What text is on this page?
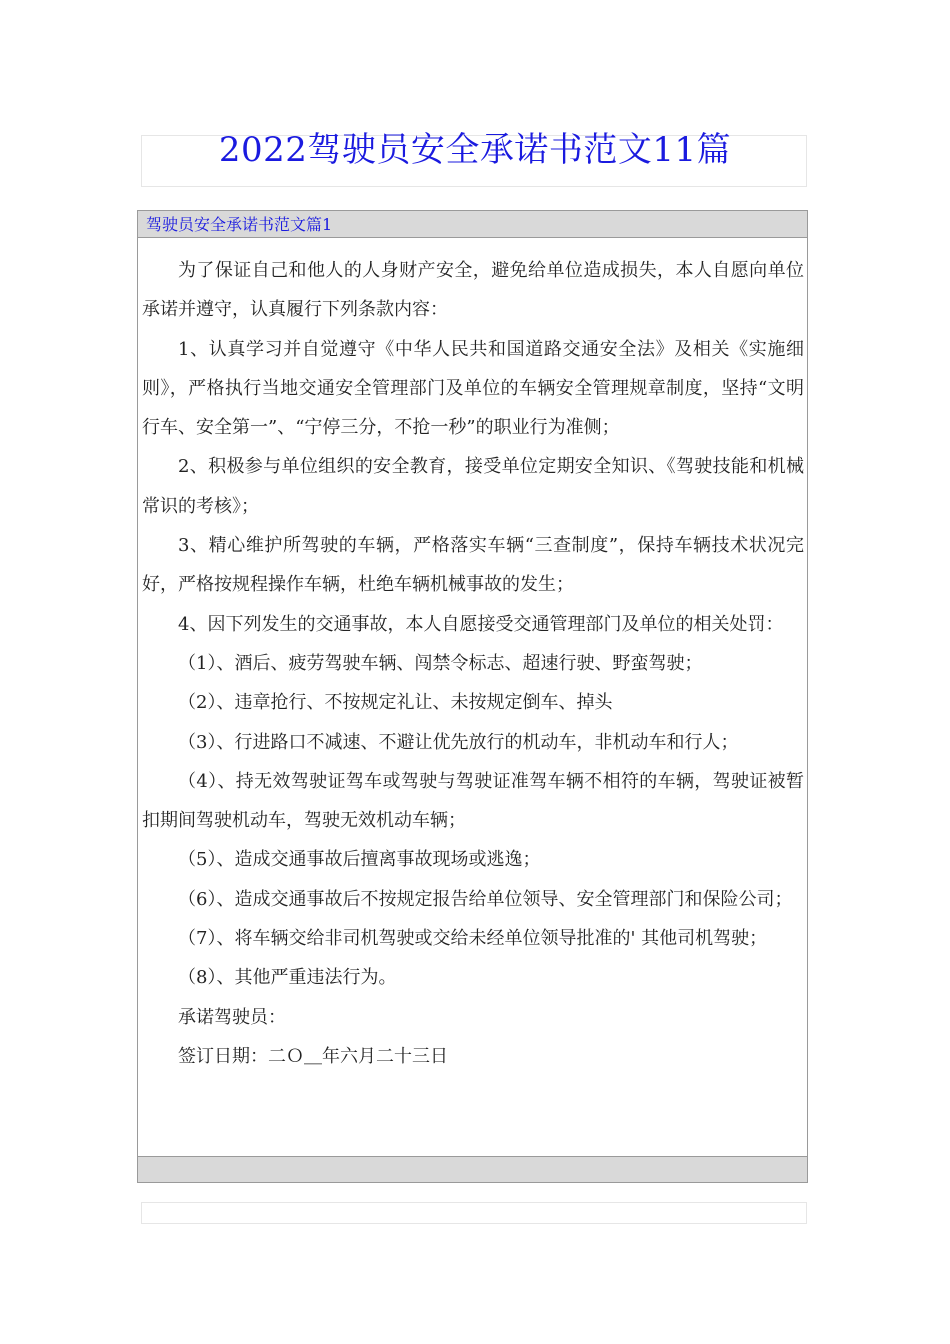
2022驾驶员安全承诺书范文11篇
驾驶员安全承诺书范文篇1

为了保证自己和他人的人身财产安全，避免给单位造成损失，本人自愿向单位承诺并遵守，认真履行下列条款内容：

1、认真学习并自觉遵守《中华人民共和国道路交通安全法》及相关《实施细则》，严格执行当地交通安全管理部门及单位的车辆安全管理规章制度，坚持“文明行车、安全第一”、“宁停三分，不抢一秒”的职业行为准侧；

2、积极参与单位组织的安全教育，接受单位定期安全知识、《驾驶技能和机械常识的考核》；

3、精心维护所驾驶的车辆，严格落实车辆“三查制度”，保持车辆技术状况完好，严格按规程操作车辆，杜绝车辆机械事故的发生；

4、因下列发生的交通事故，本人自愿接受交通管理部门及单位的相关处罚：

（1）、酒后、疲劳驾驶车辆、闯禁令标志、超速行驶、野蛮驾驶；

（2）、违章抢行、不按规定礼让、未按规定倒车、掉头

（3）、行进路口不减速、不避让优先放行的机动车，非机动车和行人；

（4）、持无效驾驶证驾车或驾驶与驾驶证准驾车辆不相符的车辆，驾驶证被暂扣期间驾驶机动车，驾驶无效机动车辆；

（5）、造成交通事故后擅离事故现场或逃逸；

（6）、造成交通事故后不按规定报告给单位领导、安全管理部门和保险公司；

（7）、将车辆交给非司机驾驶或交给未经单位领导批准的' 其他司机驾驶；

（8）、其他严重违法行为。

承诺驾驶员：

签订日期：二Ｏ＿年六月二十三日
